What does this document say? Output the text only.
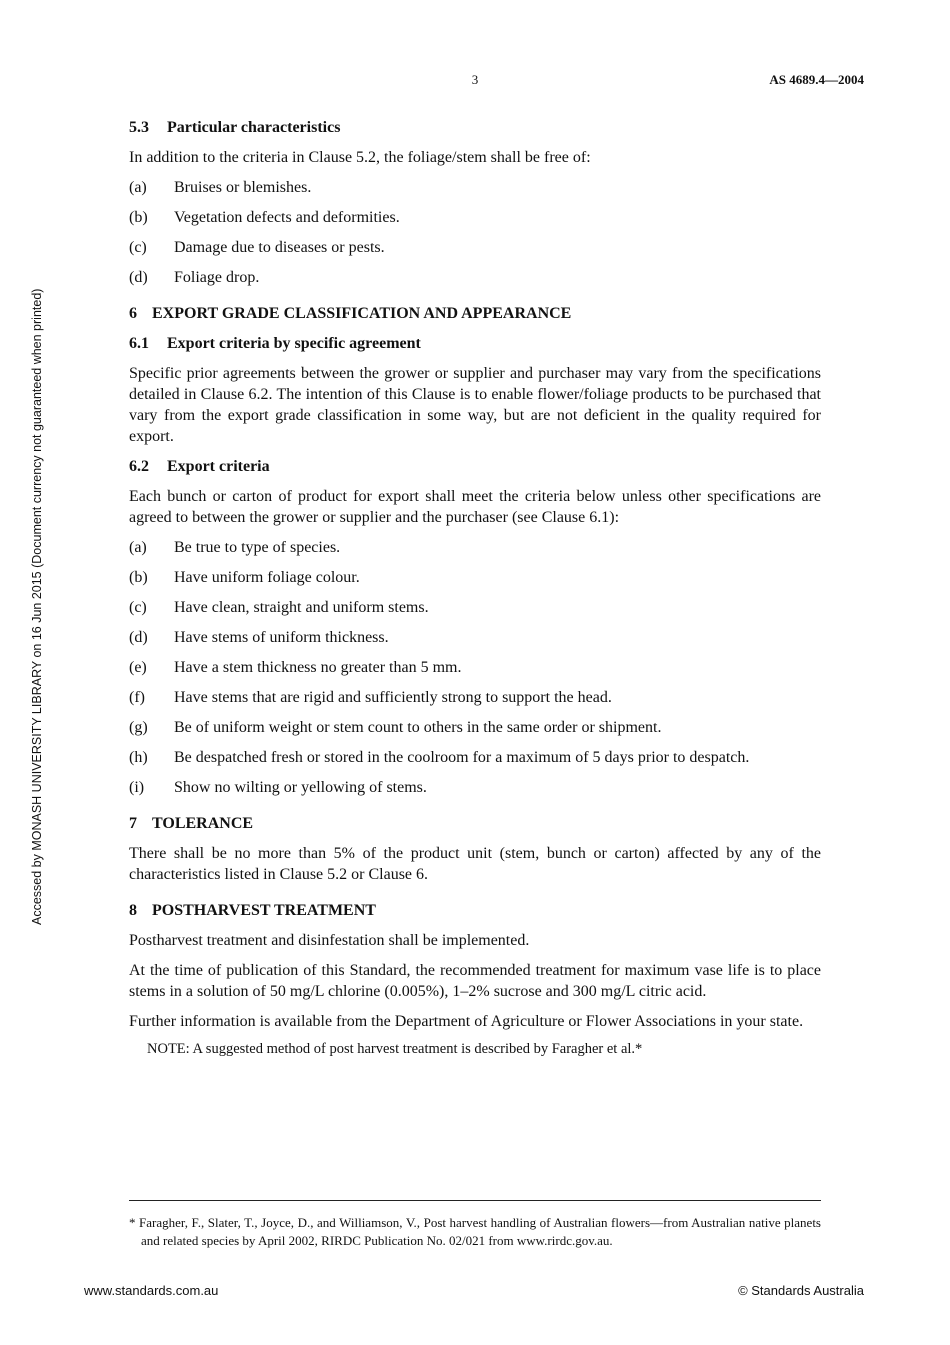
3	AS 4689.4—2004
Accessed by MONASH UNIVERSITY LIBRARY on 16 Jun 2015 (Document currency not guaranteed when printed)
5.3 Particular characteristics

In addition to the criteria in Clause 5.2, the foliage/stem shall be free of:

(a)	Bruises or blemishes.
(b)	Vegetation defects and deformities.
(c)	Damage due to diseases or pests.
(d)	Foliage drop.
6 EXPORT GRADE CLASSIFICATION AND APPEARANCE
6.1 Export criteria by specific agreement

Specific prior agreements between the grower or supplier and purchaser may vary from the specifications detailed in Clause 6.2. The intention of this Clause is to enable flower/foliage products to be purchased that vary from the export grade classification in some way, but are not deficient in the quality required for export.

6.2 Export criteria

Each bunch or carton of product for export shall meet the criteria below unless other specifications are agreed to between the grower or supplier and the purchaser (see Clause 6.1):

(a)	Be true to type of species.
(b)	Have uniform foliage colour.
(c)	Have clean, straight and uniform stems.
(d)	Have stems of uniform thickness.
(e)	Have a stem thickness no greater than 5 mm.
(f)	Have stems that are rigid and sufficiently strong to support the head.
(g)	Be of uniform weight or stem count to others in the same order or shipment.
(h)	Be despatched fresh or stored in the coolroom for a maximum of 5 days prior to despatch.
(i)	Show no wilting or yellowing of stems.
7 TOLERANCE

There shall be no more than 5% of the product unit (stem, bunch or carton) affected by any of the characteristics listed in Clause 5.2 or Clause 6.

8 POSTHARVEST TREATMENT

Postharvest treatment and disinfestation shall be implemented.

At the time of publication of this Standard, the recommended treatment for maximum vase life is to place stems in a solution of 50 mg/L chlorine (0.005%), 1–2% sucrose and 300 mg/L citric acid.

Further information is available from the Department of Agriculture or Flower Associations in your state.

NOTE: A suggested method of post harvest treatment is described by Faragher et al.*
* Faragher, F., Slater, T., Joyce, D., and Williamson, V., Post harvest handling of Australian flowers—from Australian native planets and related species by April 2002, RIRDC Publication No. 02/021 from www.rirdc.gov.au.
www.standards.com.au	© Standards Australia
